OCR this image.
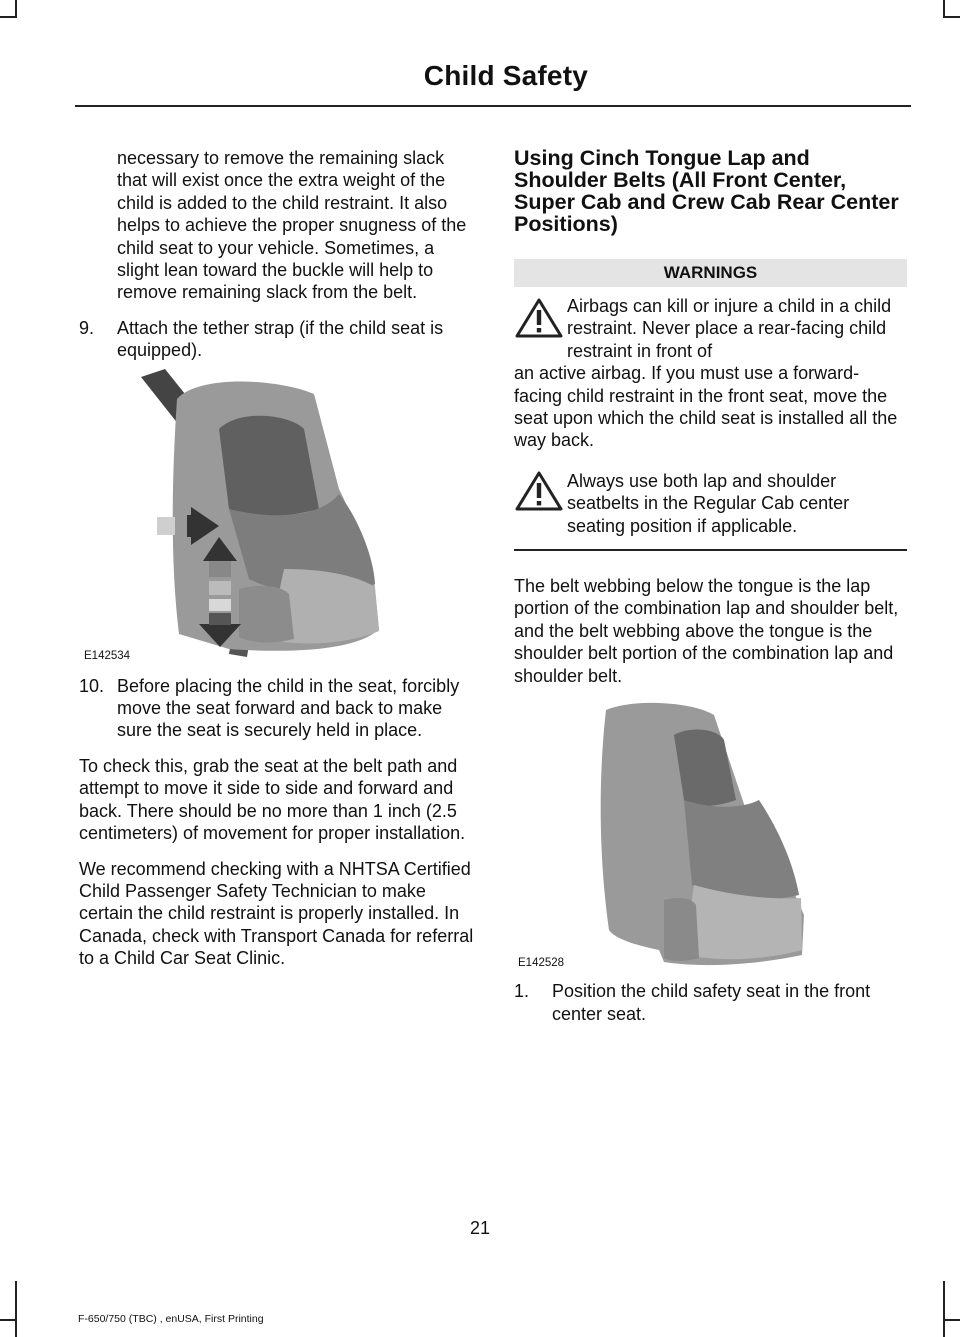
Child Safety

necessary to remove the remaining slack that will exist once the extra weight of the child is added to the child restraint. It also helps to achieve the proper snugness of the child seat to your vehicle. Sometimes, a slight lean toward the buckle will help to remove remaining slack from the belt.

9.	Attach the tether strap (if the child seat is equipped).
E142534
10. Before placing the child in the seat, forcibly move the seat forward and back to make sure the seat is securely held in place.

To check this, grab the seat at the belt path and attempt to move it side to side and forward and back. There should be no more than 1 inch (2.5 centimeters) of movement for proper installation.

We recommend checking with a NHTSA Certified Child Passenger Safety Technician to make certain the child restraint is properly installed. In Canada, check with Transport Canada for referral to a Child Car Seat Clinic.

Using Cinch Tongue Lap and Shoulder Belts (All Front Center, Super Cab and Crew Cab Rear Center Positions)
WARNINGS

Airbags can kill or injure a child in a child restraint. Never place a rear-facing child restraint in front of
an active airbag. If you must use a forward-facing child restraint in the front seat, move the seat upon which the child seat is installed all the way back.

Always use both lap and shoulder seatbelts in the Regular Cab center seating position if applicable.

The belt webbing below the tongue is the lap portion of the combination lap and shoulder belt, and the belt webbing above the tongue is the shoulder belt portion of the combination lap and shoulder belt.

E142528
1.	Position the child safety seat in the front center seat.
21
F-650/750 (TBC) , enUSA, First Printing
